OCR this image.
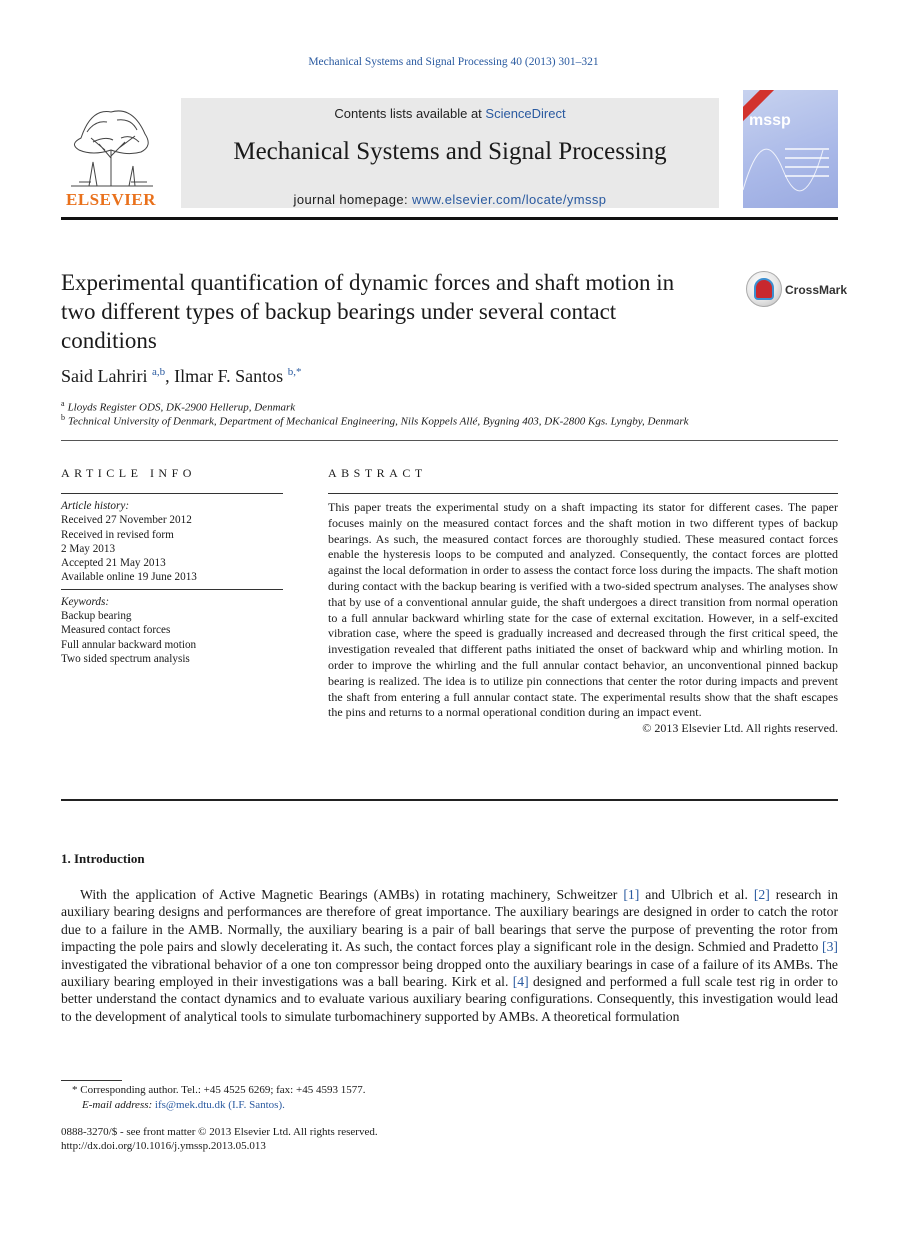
Mechanical Systems and Signal Processing 40 (2013) 301–321
ELSEVIER
Contents lists available at ScienceDirect
Mechanical Systems and Signal Processing
journal homepage: www.elsevier.com/locate/ymssp
mssp
Experimental quantification of dynamic forces and shaft motion in two different types of backup bearings under several contact conditions
CrossMark
Said Lahriri $^{a,b}$, Ilmar F. Santos $^{b,*}$
$^a$ Lloyds Register ODS, DK-2900 Hellerup, Denmark
$^b$ Technical University of Denmark, Department of Mechanical Engineering, Nils Koppels Allé, Bygning 403, DK-2800 Kgs. Lyngby, Denmark
ARTICLE INFO	ABSTRACT
Article history:
Received 27 November 2012
Received in revised form
2 May 2013
Accepted 21 May 2013
Available online 19 June 2013
Keywords:
Backup bearing
Measured contact forces
Full annular backward motion
Two sided spectrum analysis
This paper treats the experimental study on a shaft impacting its stator for different cases. The paper focuses mainly on the measured contact forces and the shaft motion in two different types of backup bearings. As such, the measured contact forces are thoroughly studied. These measured contact forces enable the hysteresis loops to be computed and analyzed. Consequently, the contact forces are plotted against the local deformation in order to assess the contact force loss during the impacts. The shaft motion during contact with the backup bearing is verified with a two-sided spectrum analyses. The analyses show that by use of a conventional annular guide, the shaft undergoes a direct transition from normal operation to a full annular backward whirling state for the case of external excitation. However, in a self-excited vibration case, where the speed is gradually increased and decreased through the first critical speed, the investigation revealed that different paths initiated the onset of backward whip and whirling motion. In order to improve the whirling and the full annular contact behavior, an unconventional pinned backup bearing is realized. The idea is to utilize pin connections that center the rotor during impacts and prevent the shaft from entering a full annular contact state. The experimental results show that the shaft escapes the pins and returns to a normal operational condition during an impact event.
© 2013 Elsevier Ltd. All rights reserved.
1. Introduction
With the application of Active Magnetic Bearings (AMBs) in rotating machinery, Schweitzer [1] and Ulbrich et al. [2] research in auxiliary bearing designs and performances are therefore of great importance. The auxiliary bearings are designed in order to catch the rotor due to a failure in the AMB. Normally, the auxiliary bearing is a pair of ball bearings that serve the purpose of preventing the rotor from impacting the pole pairs and slowly decelerating it. As such, the contact forces play a significant role in the design. Schmied and Pradetto [3] investigated the vibrational behavior of a one ton compressor being dropped onto the auxiliary bearings in case of a failure of its AMBs. The auxiliary bearing employed in their investigations was a ball bearing. Kirk et al. [4] designed and performed a full scale test rig in order to better understand the contact dynamics and to evaluate various auxiliary bearing configurations. Consequently, this investigation would lead to the development of analytical tools to simulate turbomachinery supported by AMBs. A theoretical formulation
* Corresponding author. Tel.: +45 4525 6269; fax: +45 4593 1577.
E-mail address: ifs@mek.dtu.dk (I.F. Santos).
0888-3270/$ - see front matter © 2013 Elsevier Ltd. All rights reserved.
http://dx.doi.org/10.1016/j.ymssp.2013.05.013
